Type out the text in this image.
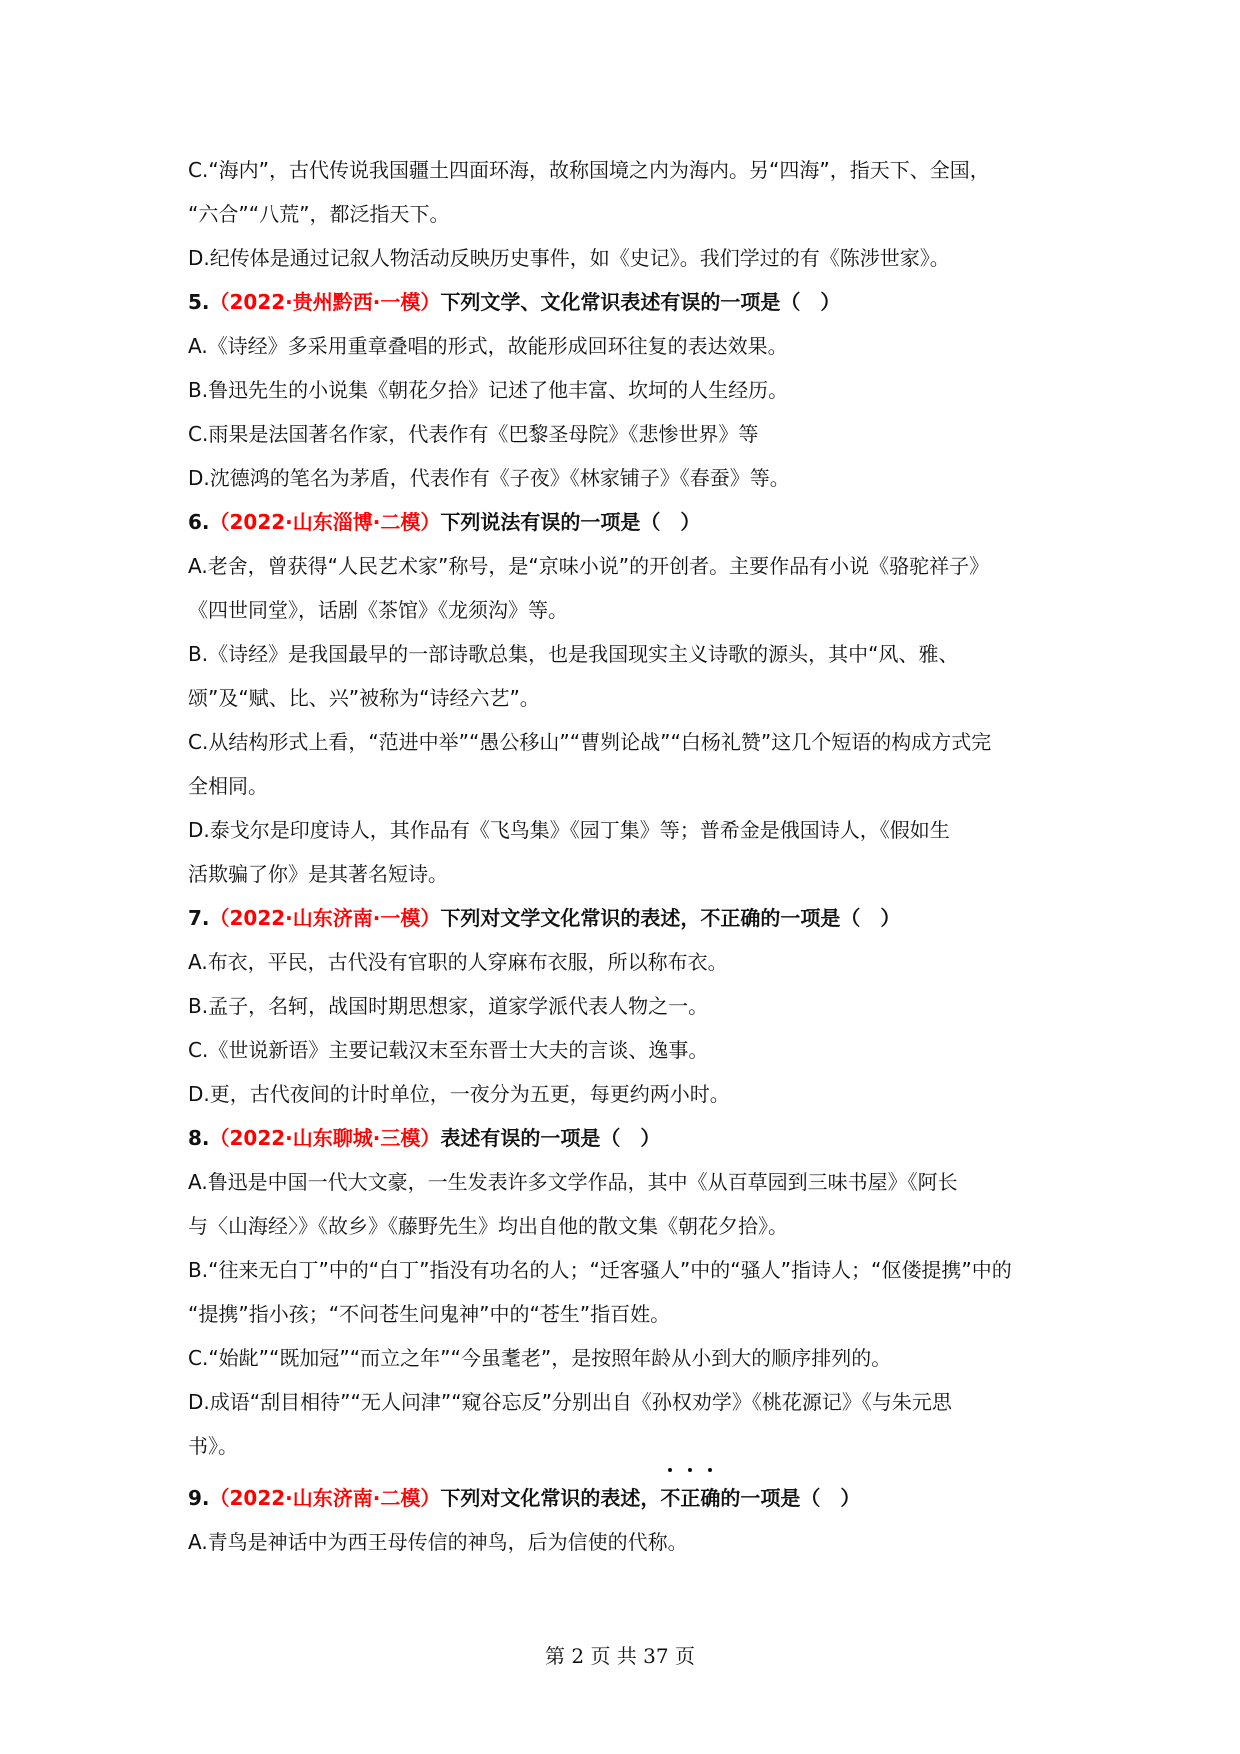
C.“海内”，古代传说我国疆土四面环海，故称国境之内为海内。另“四海”，指天下、全国，
“六合”“八荒”，都泛指天下。
D.纪传体是通过记叙人物活动反映历史事件，如《史记》。我们学过的有《陈涉世家》。
5.（2022·贵州黔西·一模）下列文学、文化常识表述有误的一项是（　）
A.《诗经》多采用重章叠唱的形式，故能形成回环往复的表达效果。
B.鲁迅先生的小说集《朝花夕拾》记述了他丰富、坎坷的人生经历。
C.雨果是法国著名作家，代表作有《巴黎圣母院》《悲惨世界》等
D.沈德鸿的笔名为茅盾，代表作有《子夜》《林家铺子》《春蚕》等。
6.（2022·山东淄博·二模）下列说法有误的一项是（　）
A.老舍，曾获得“人民艺术家”称号，是“京味小说”的开创者。主要作品有小说《骆驼祥子》
《四世同堂》，话剧《茶馆》《龙须沟》等。
B.《诗经》是我国最早的一部诗歌总集，也是我国现实主义诗歌的源头，其中“风、雅、
颂”及“赋、比、兴”被称为“诗经六艺”。
C.从结构形式上看，“范进中举”“愚公移山”“曹刿论战”“白杨礼赞”这几个短语的构成方式完
全相同。
D.泰戈尔是印度诗人，其作品有《飞鸟集》《园丁集》等；普希金是俄国诗人，《假如生
活欺骗了你》是其著名短诗。
7.（2022·山东济南·一模）下列对文学文化常识的表述，不正确的一项是（　）
A.布衣，平民，古代没有官职的人穿麻布衣服，所以称布衣。
B.孟子，名轲，战国时期思想家，道家学派代表人物之一。
C.《世说新语》主要记载汉末至东晋士大夫的言谈、逸事。
D.更，古代夜间的计时单位，一夜分为五更，每更约两小时。
8.（2022·山东聊城·三模）表述有误的一项是（　）
A.鲁迅是中国一代大文豪，一生发表许多文学作品，其中《从百草园到三味书屋》《阿长
与〈山海经〉》《故乡》《藤野先生》均出自他的散文集《朝花夕拾》。
B.“往来无白丁”中的“白丁”指没有功名的人；“迁客骚人”中的“骚人”指诗人；“伛偻提携”中的
“提携”指小孩；“不问苍生问鬼神”中的“苍生”指百姓。
C.“始龀”“既加冠”“而立之年”“今虽耄老”，是按照年龄从小到大的顺序排列的。
D.成语“刮目相待”“无人问津”“窥谷忘反”分别出自《孙权劝学》《桃花源记》《与朱元思
书》。
9.（2022·山东济南·二模）下列对文化常识的表述，
不
正
确的一项是（　）
A.青鸟是神话中为西王母传信的神鸟，后为信使的代称。
第 2 页 共 37 页
